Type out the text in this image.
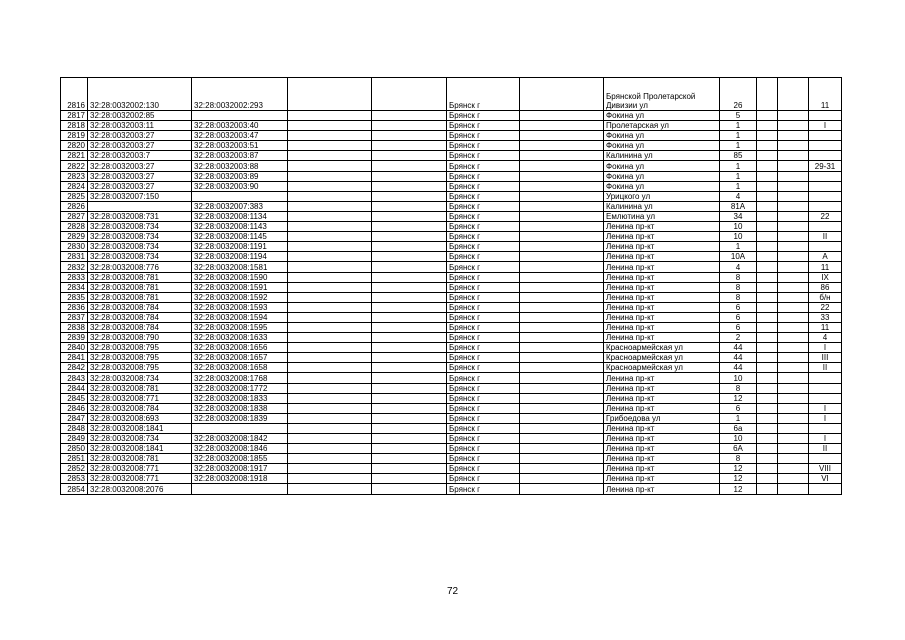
2816	32:28:0032002:130	32:28:0032002:293			Брянск г		Брянской Пролетарской Дивизии ул	26			11
2817	32:28:0032002:85				Брянск г		Фокина ул	5			
2818	32:28:0032003:11	32:28:0032003:40			Брянск г		Пролетарская ул	1			I
2819	32:28:0032003:27	32:28:0032003:47			Брянск г		Фокина ул	1			
2820	32:28:0032003:27	32:28:0032003:51			Брянск г		Фокина ул	1			
2821	32:28:0032003:7	32:28:0032003:87			Брянск г		Калинина ул	85			
2822	32:28:0032003:27	32:28:0032003:88			Брянск г		Фокина ул	1			29-31
2823	32:28:0032003:27	32:28:0032003:89			Брянск г		Фокина ул	1			
2824	32:28:0032003:27	32:28:0032003:90			Брянск г		Фокина ул	1			
2825	32:28:0032007:150				Брянск г		Урицкого ул	4			
2826		32:28:0032007:383			Брянск г		Калинина ул	81А			
2827	32:28:0032008:731	32:28:0032008:1134			Брянск г		Емлютина ул	34			22
2828	32:28:0032008:734	32:28:0032008:1143			Брянск г		Ленина пр-кт	10			
2829	32:28:0032008:734	32:28:0032008:1145			Брянск г		Ленина пр-кт	10			II
2830	32:28:0032008:734	32:28:0032008:1191			Брянск г		Ленина пр-кт	1			
2831	32:28:0032008:734	32:28:0032008:1194			Брянск г		Ленина пр-кт	10А			А
2832	32:28:0032008:776	32:28:0032008:1581			Брянск г		Ленина пр-кт	4			11
2833	32:28:0032008:781	32:28:0032008:1590			Брянск г		Ленина пр-кт	8			IX
2834	32:28:0032008:781	32:28:0032008:1591			Брянск г		Ленина пр-кт	8			86
2835	32:28:0032008:781	32:28:0032008:1592			Брянск г		Ленина пр-кт	8			б/н
2836	32:28:0032008:784	32:28:0032008:1593			Брянск г		Ленина пр-кт	6			22
2837	32:28:0032008:784	32:28:0032008:1594			Брянск г		Ленина пр-кт	6			33
2838	32:28:0032008:784	32:28:0032008:1595			Брянск г		Ленина пр-кт	6			11
2839	32:28:0032008:790	32:28:0032008:1633			Брянск г		Ленина пр-кт	2			4
2840	32:28:0032008:795	32:28:0032008:1656			Брянск г		Красноармейская ул	44			I
2841	32:28:0032008:795	32:28:0032008:1657			Брянск г		Красноармейская ул	44			III
2842	32:28:0032008:795	32:28:0032008:1658			Брянск г		Красноармейская ул	44			II
2843	32:28:0032008:734	32:28:0032008:1768			Брянск г		Ленина пр-кт	10			
2844	32:28:0032008:781	32:28:0032008:1772			Брянск г		Ленина пр-кт	8			
2845	32:28:0032008:771	32:28:0032008:1833			Брянск г		Ленина пр-кт	12			
2846	32:28:0032008:784	32:28:0032008:1838			Брянск г		Ленина пр-кт	6			I
2847	32:28:0032008:693	32:28:0032008:1839			Брянск г		Грибоедова ул	1			I
2848	32:28:0032008:1841				Брянск г		Ленина пр-кт	6а			
2849	32:28:0032008:734	32:28:0032008:1842			Брянск г		Ленина пр-кт	10			I
2850	32:28:0032008:1841	32:28:0032008:1846			Брянск г		Ленина пр-кт	6А			II
2851	32:28:0032008:781	32:28:0032008:1855			Брянск г		Ленина пр-кт	8			
2852	32:28:0032008:771	32:28:0032008:1917			Брянск г		Ленина пр-кт	12			VIII
2853	32:28:0032008:771	32:28:0032008:1918			Брянск г		Ленина пр-кт	12			VI
2854	32:28:0032008:2076				Брянск г		Ленина пр-кт	12			
72
